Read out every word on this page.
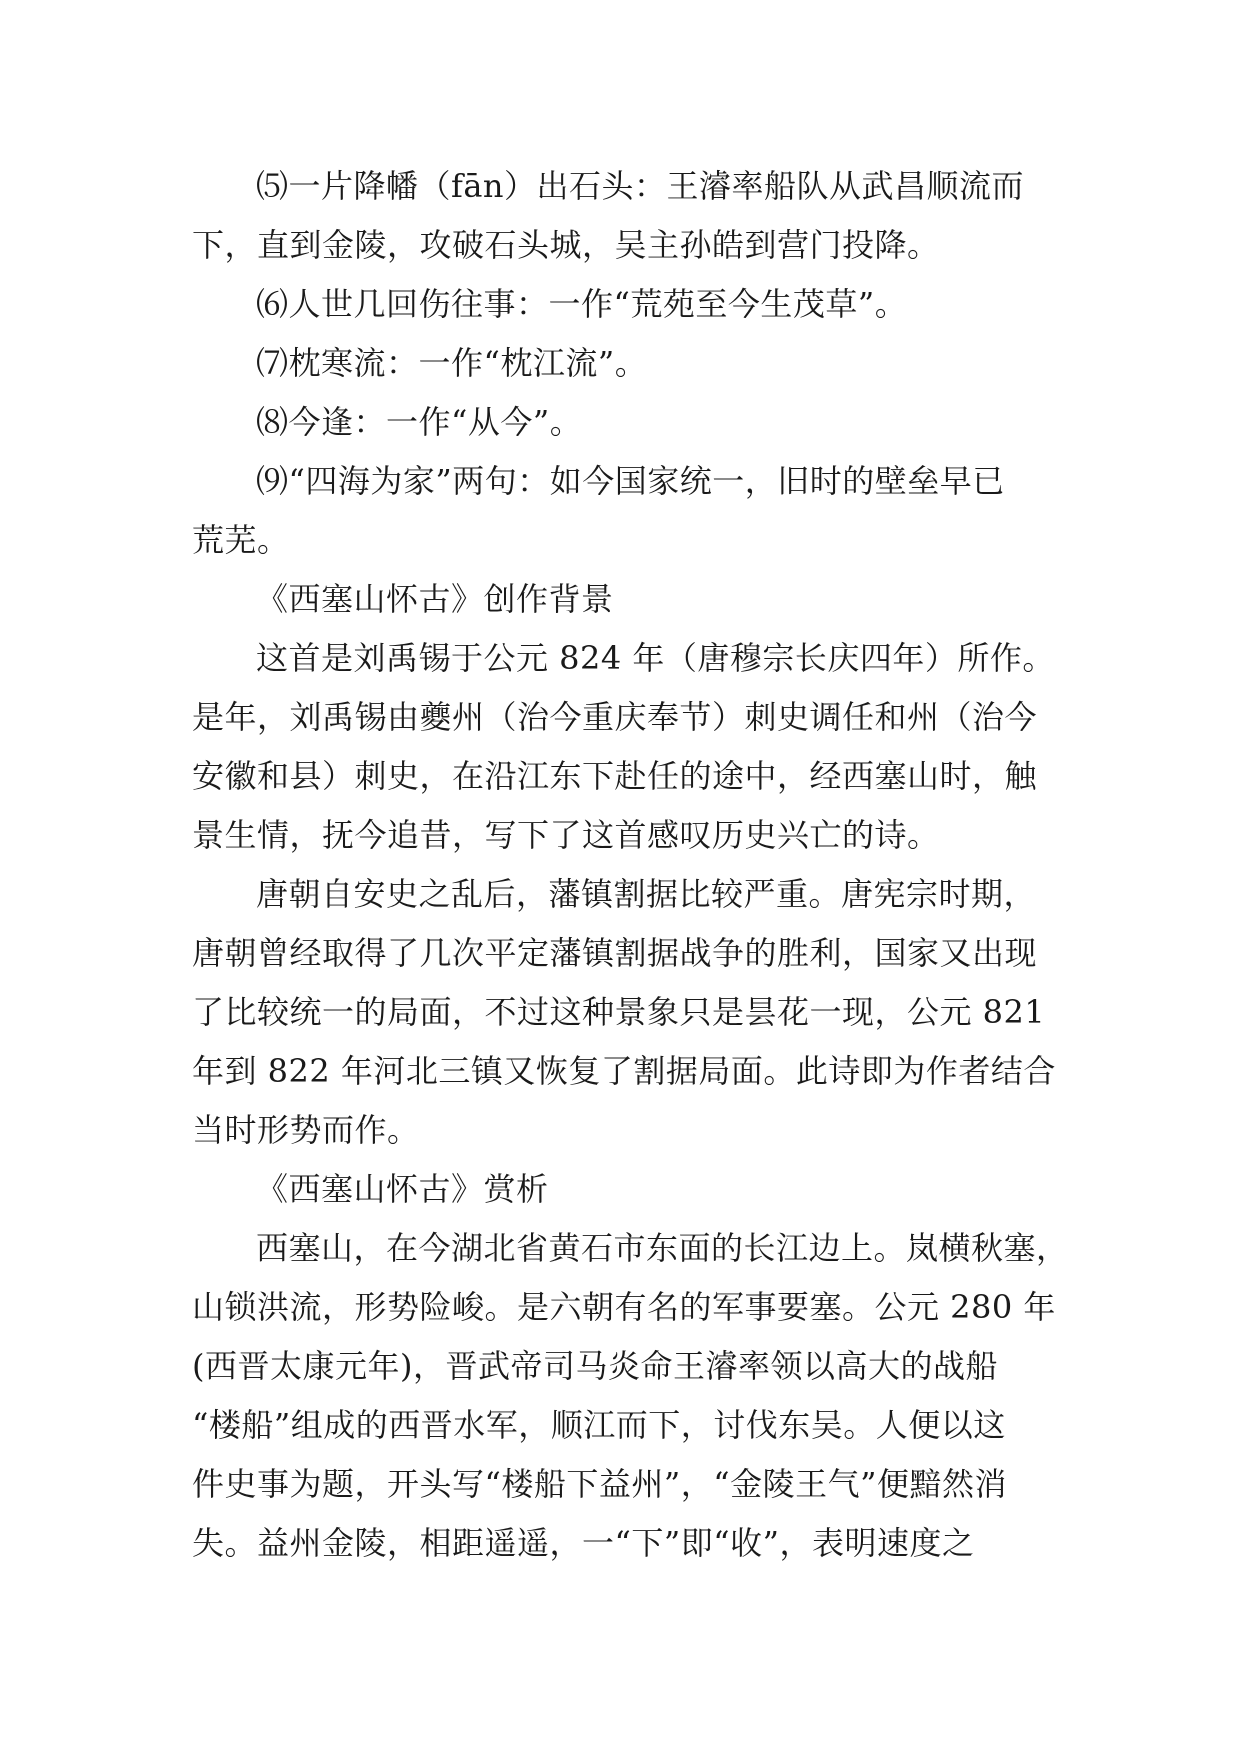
⑸一片降幡（fān）出石头：王濬率船队从武昌顺流而
下，直到金陵，攻破石头城，吴主孙皓到营门投降。
⑹人世几回伤往事：一作“荒苑至今生茂草”。
⑺枕寒流：一作“枕江流”。
⑻今逢：一作“从今”。
⑼“四海为家”两句：如今国家统一，旧时的壁垒早已
荒芜。
《西塞山怀古》创作背景
这首是刘禹锡于公元 824 年（唐穆宗长庆四年）所作。
是年，刘禹锡由夔州（治今重庆奉节）刺史调任和州（治今
安徽和县）刺史，在沿江东下赴任的途中，经西塞山时，触
景生情，抚今追昔，写下了这首感叹历史兴亡的诗。
唐朝自安史之乱后，藩镇割据比较严重。唐宪宗时期，
唐朝曾经取得了几次平定藩镇割据战争的胜利，国家又出现
了比较统一的局面，不过这种景象只是昙花一现，公元 821
年到 822 年河北三镇又恢复了割据局面。此诗即为作者结合
当时形势而作。
《西塞山怀古》赏析
西塞山，在今湖北省黄石市东面的长江边上。岚横秋塞，
山锁洪流，形势险峻。是六朝有名的军事要塞。公元 280 年
(西晋太康元年)，晋武帝司马炎命王濬率领以高大的战船
“楼船”组成的西晋水军，顺江而下，讨伐东吴。人便以这
件史事为题，开头写“楼船下益州”，“金陵王气”便黯然消
失。益州金陵，相距遥遥，一“下”即“收”，表明速度之
